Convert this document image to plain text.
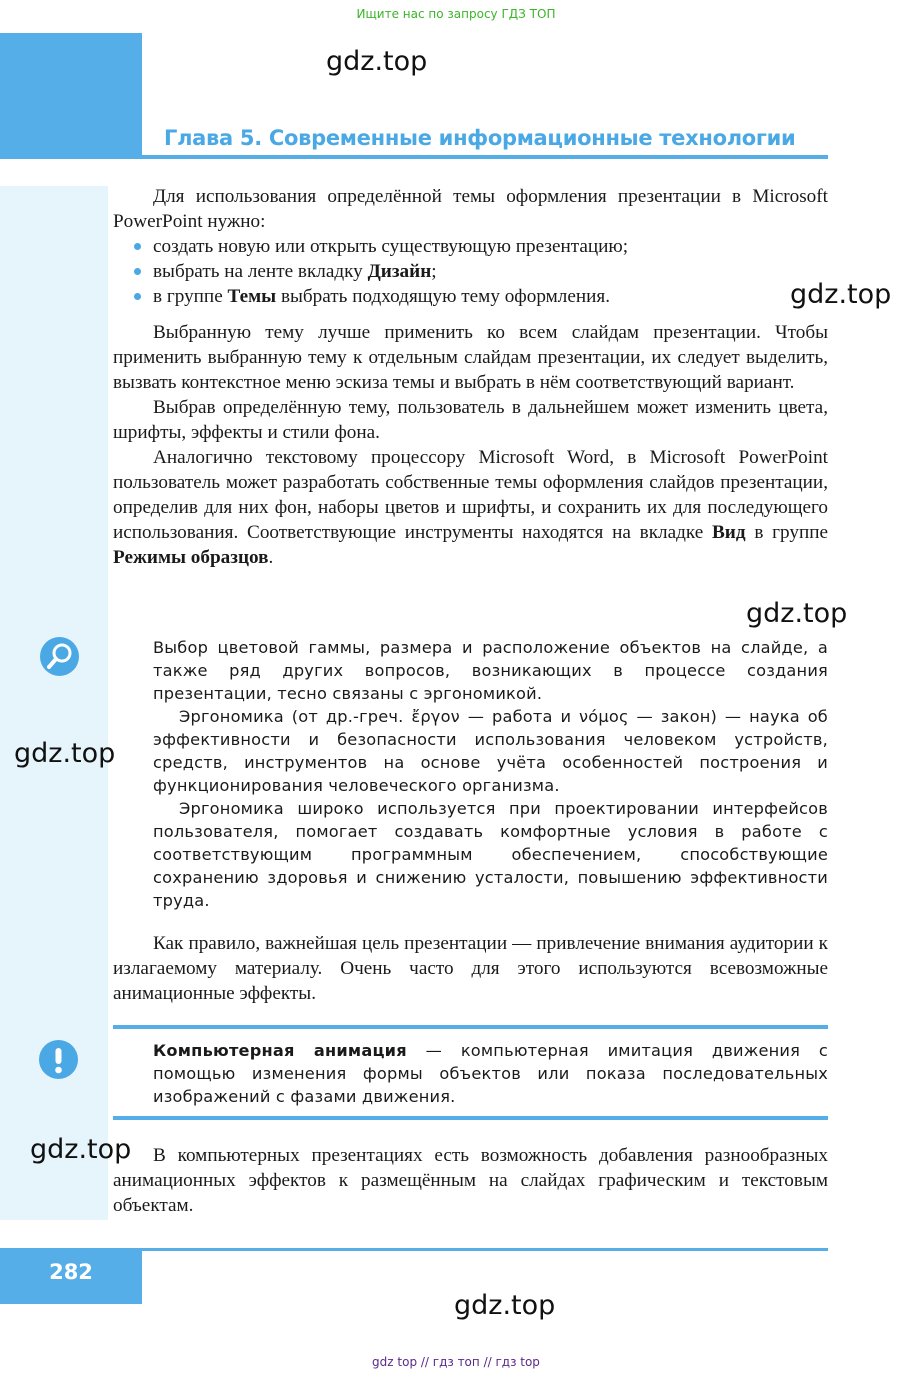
Ищите нас по запросу ГДЗ ТОП
Глава 5. Современные информационные технологии
gdz.top
gdz.top
gdz.top
gdz.top
gdz.top
gdz.top

Для использования определённой темы оформления презентации в Microsoft PowerPoint нужно:

создать новую или открыть существующую презентацию;
выбрать на ленте вкладку Дизайн;
в группе Темы выбрать подходящую тему оформления.

Выбранную тему лучше применить ко всем слайдам презентации. Чтобы применить выбранную тему к отдельным слайдам презентации, их следует выделить, вызвать контекстное меню эскиза темы и выбрать в нём соответствующий вариант.

Выбрав определённую тему, пользователь в дальнейшем может изменить цвета, шрифты, эффекты и стили фона.

Аналогично текстовому процессору Microsoft Word, в Microsoft PowerPoint пользователь может разработать собственные темы оформления слайдов презентации, определив для них фон, наборы цветов и шрифты, и сохранить их для последующего использования. Соответствующие инструменты находятся на вкладке Вид в группе Режимы образцов.

Выбор цветовой гаммы, размера и расположение объектов на слайде, а также ряд других вопросов, возникающих в процессе создания презентации, тесно связаны с эргономикой.

Эргономика (от др.-греч. ἔργον — работа и νόμος — закон) — наука об эффективности и безопасности использования человеком устройств, средств, инструментов на основе учёта особенностей построения и функционирования человеческого организма.

Эргономика широко используется при проектировании интерфейсов пользователя, помогает создавать комфортные условия в работе с соответствующим программным обеспечением, способствующие сохранению здоровья и снижению усталости, повышению эффективности труда.

Как правило, важнейшая цель презентации — привлечение внимания аудитории к излагаемому материалу. Очень часто для этого используются всевозможные анимационные эффекты.

Компьютерная анимация — компьютерная имитация движения с помощью изменения формы объектов или показа последовательных изображений с фазами движения.

В компьютерных презентациях есть возможность добавления разнообразных анимационных эффектов к размещённым на слайдах графическим и текстовым объектам.

282
gdz top // гдз топ // гдз top
